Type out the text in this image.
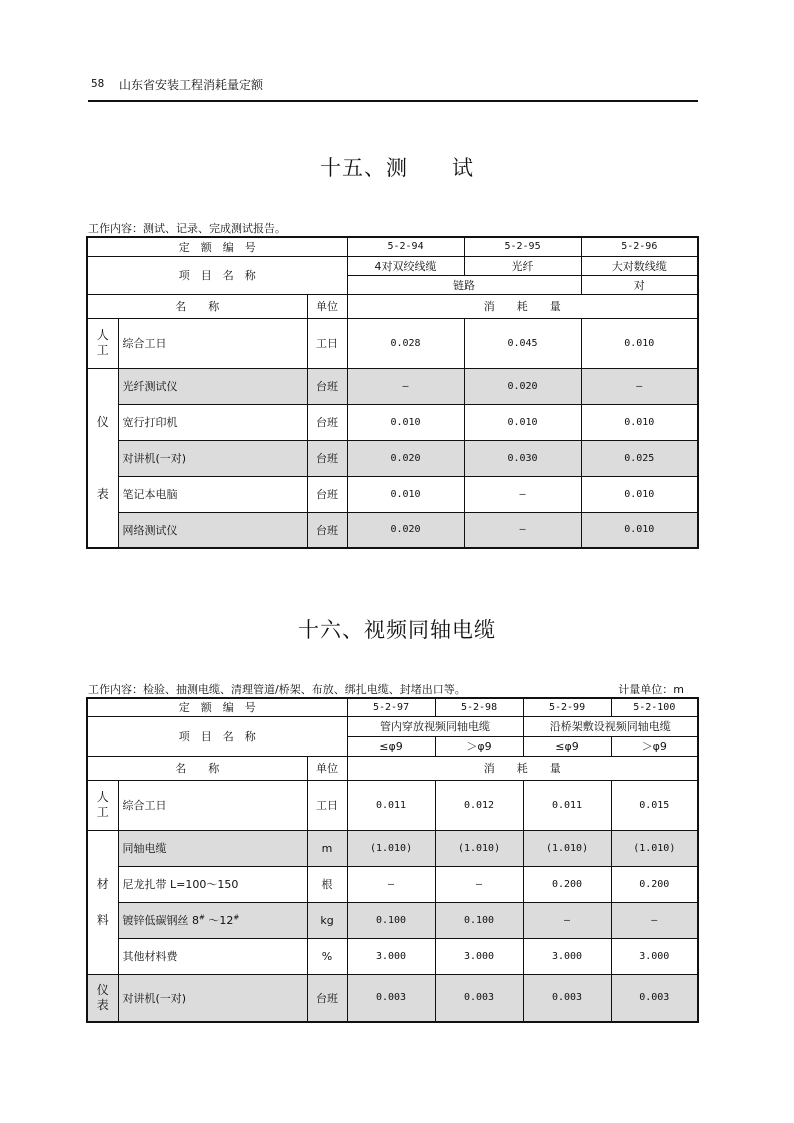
58 山东省安装工程消耗量定额
十五、测　　试
工作内容：测试、记录、完成测试报告。
定　额　编　号			5-2-94	5-2-95	5-2-96
项　目　名　称			4对双绞线缆	光纤	大对数线缆
			链路		对
名　　称		单位	消　　耗　　量		
人工	综合工日	工日	0.028	0.045	0.010
仪表	光纤测试仪	台班	—	0.020	—
	宽行打印机	台班	0.010	0.010	0.010
	对讲机(一对)	台班	0.020	0.030	0.025
	笔记本电脑	台班	0.010	—	0.010
	网络测试仪	台班	0.020	—	0.010
十六、视频同轴电缆
工作内容：检验、抽测电缆、清理管道/桥架、布放、绑扎电缆、封堵出口等。	计量单位：m
定　额　编　号			5-2-97	5-2-98	5-2-99	5-2-100
项　目　名　称			管内穿放视频同轴电缆		沿桥架敷设视频同轴电缆	
			≤φ9	＞φ9	≤φ9	＞φ9
名　　称		单位	消　　耗　　量			
人工	综合工日	工日	0.011	0.012	0.011	0.015
材料	同轴电缆	m	(1.010)	(1.010)	(1.010)	(1.010)
	尼龙扎带 L=100～150	根	—	—	0.200	0.200
	镀锌低碳钢丝 8# ～12#	kg	0.100	0.100	—	—
	其他材料费	%	3.000	3.000	3.000	3.000
仪表	对讲机(一对)	台班	0.003	0.003	0.003	0.003
